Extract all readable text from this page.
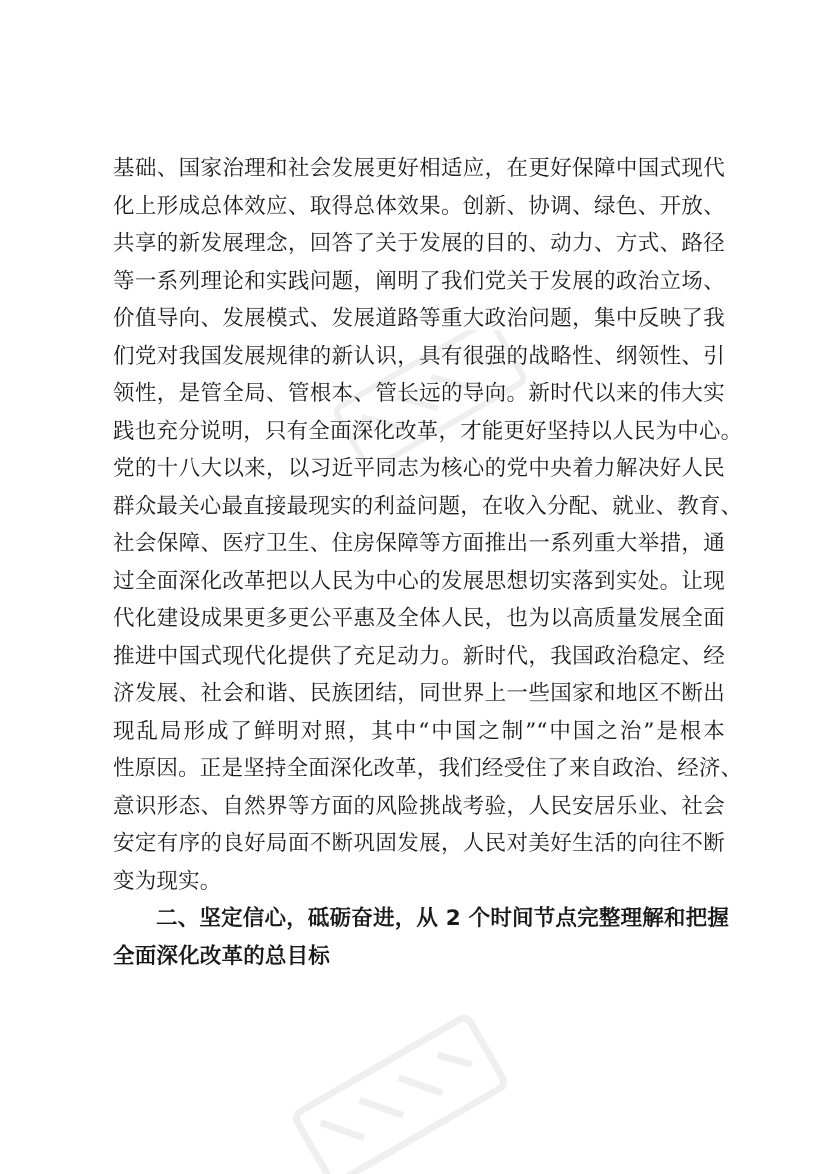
基础、国家治理和社会发展更好相适应，在更好保障中国式现代
化上形成总体效应、取得总体效果。创新、协调、绿色、开放、
共享的新发展理念，回答了关于发展的目的、动力、方式、路径
等一系列理论和实践问题，阐明了我们党关于发展的政治立场、
价值导向、发展模式、发展道路等重大政治问题，集中反映了我
们党对我国发展规律的新认识，具有很强的战略性、纲领性、引
领性，是管全局、管根本、管长远的导向。新时代以来的伟大实
践也充分说明，只有全面深化改革，才能更好坚持以人民为中心。
党的十八大以来，以习近平同志为核心的党中央着力解决好人民
群众最关心最直接最现实的利益问题，在收入分配、就业、教育、
社会保障、医疗卫生、住房保障等方面推出一系列重大举措，通
过全面深化改革把以人民为中心的发展思想切实落到实处。让现
代化建设成果更多更公平惠及全体人民，也为以高质量发展全面
推进中国式现代化提供了充足动力。新时代，我国政治稳定、经
济发展、社会和谐、民族团结，同世界上一些国家和地区不断出
现乱局形成了鲜明对照，其中“中国之制”“中国之治”是根本
性原因。正是坚持全面深化改革，我们经受住了来自政治、经济、
意识形态、自然界等方面的风险挑战考验，人民安居乐业、社会
安定有序的良好局面不断巩固发展，人民对美好生活的向往不断
变为现实。
二、坚定信心，砥砺奋进，从 2 个时间节点完整理解和把握
全面深化改革的总目标
